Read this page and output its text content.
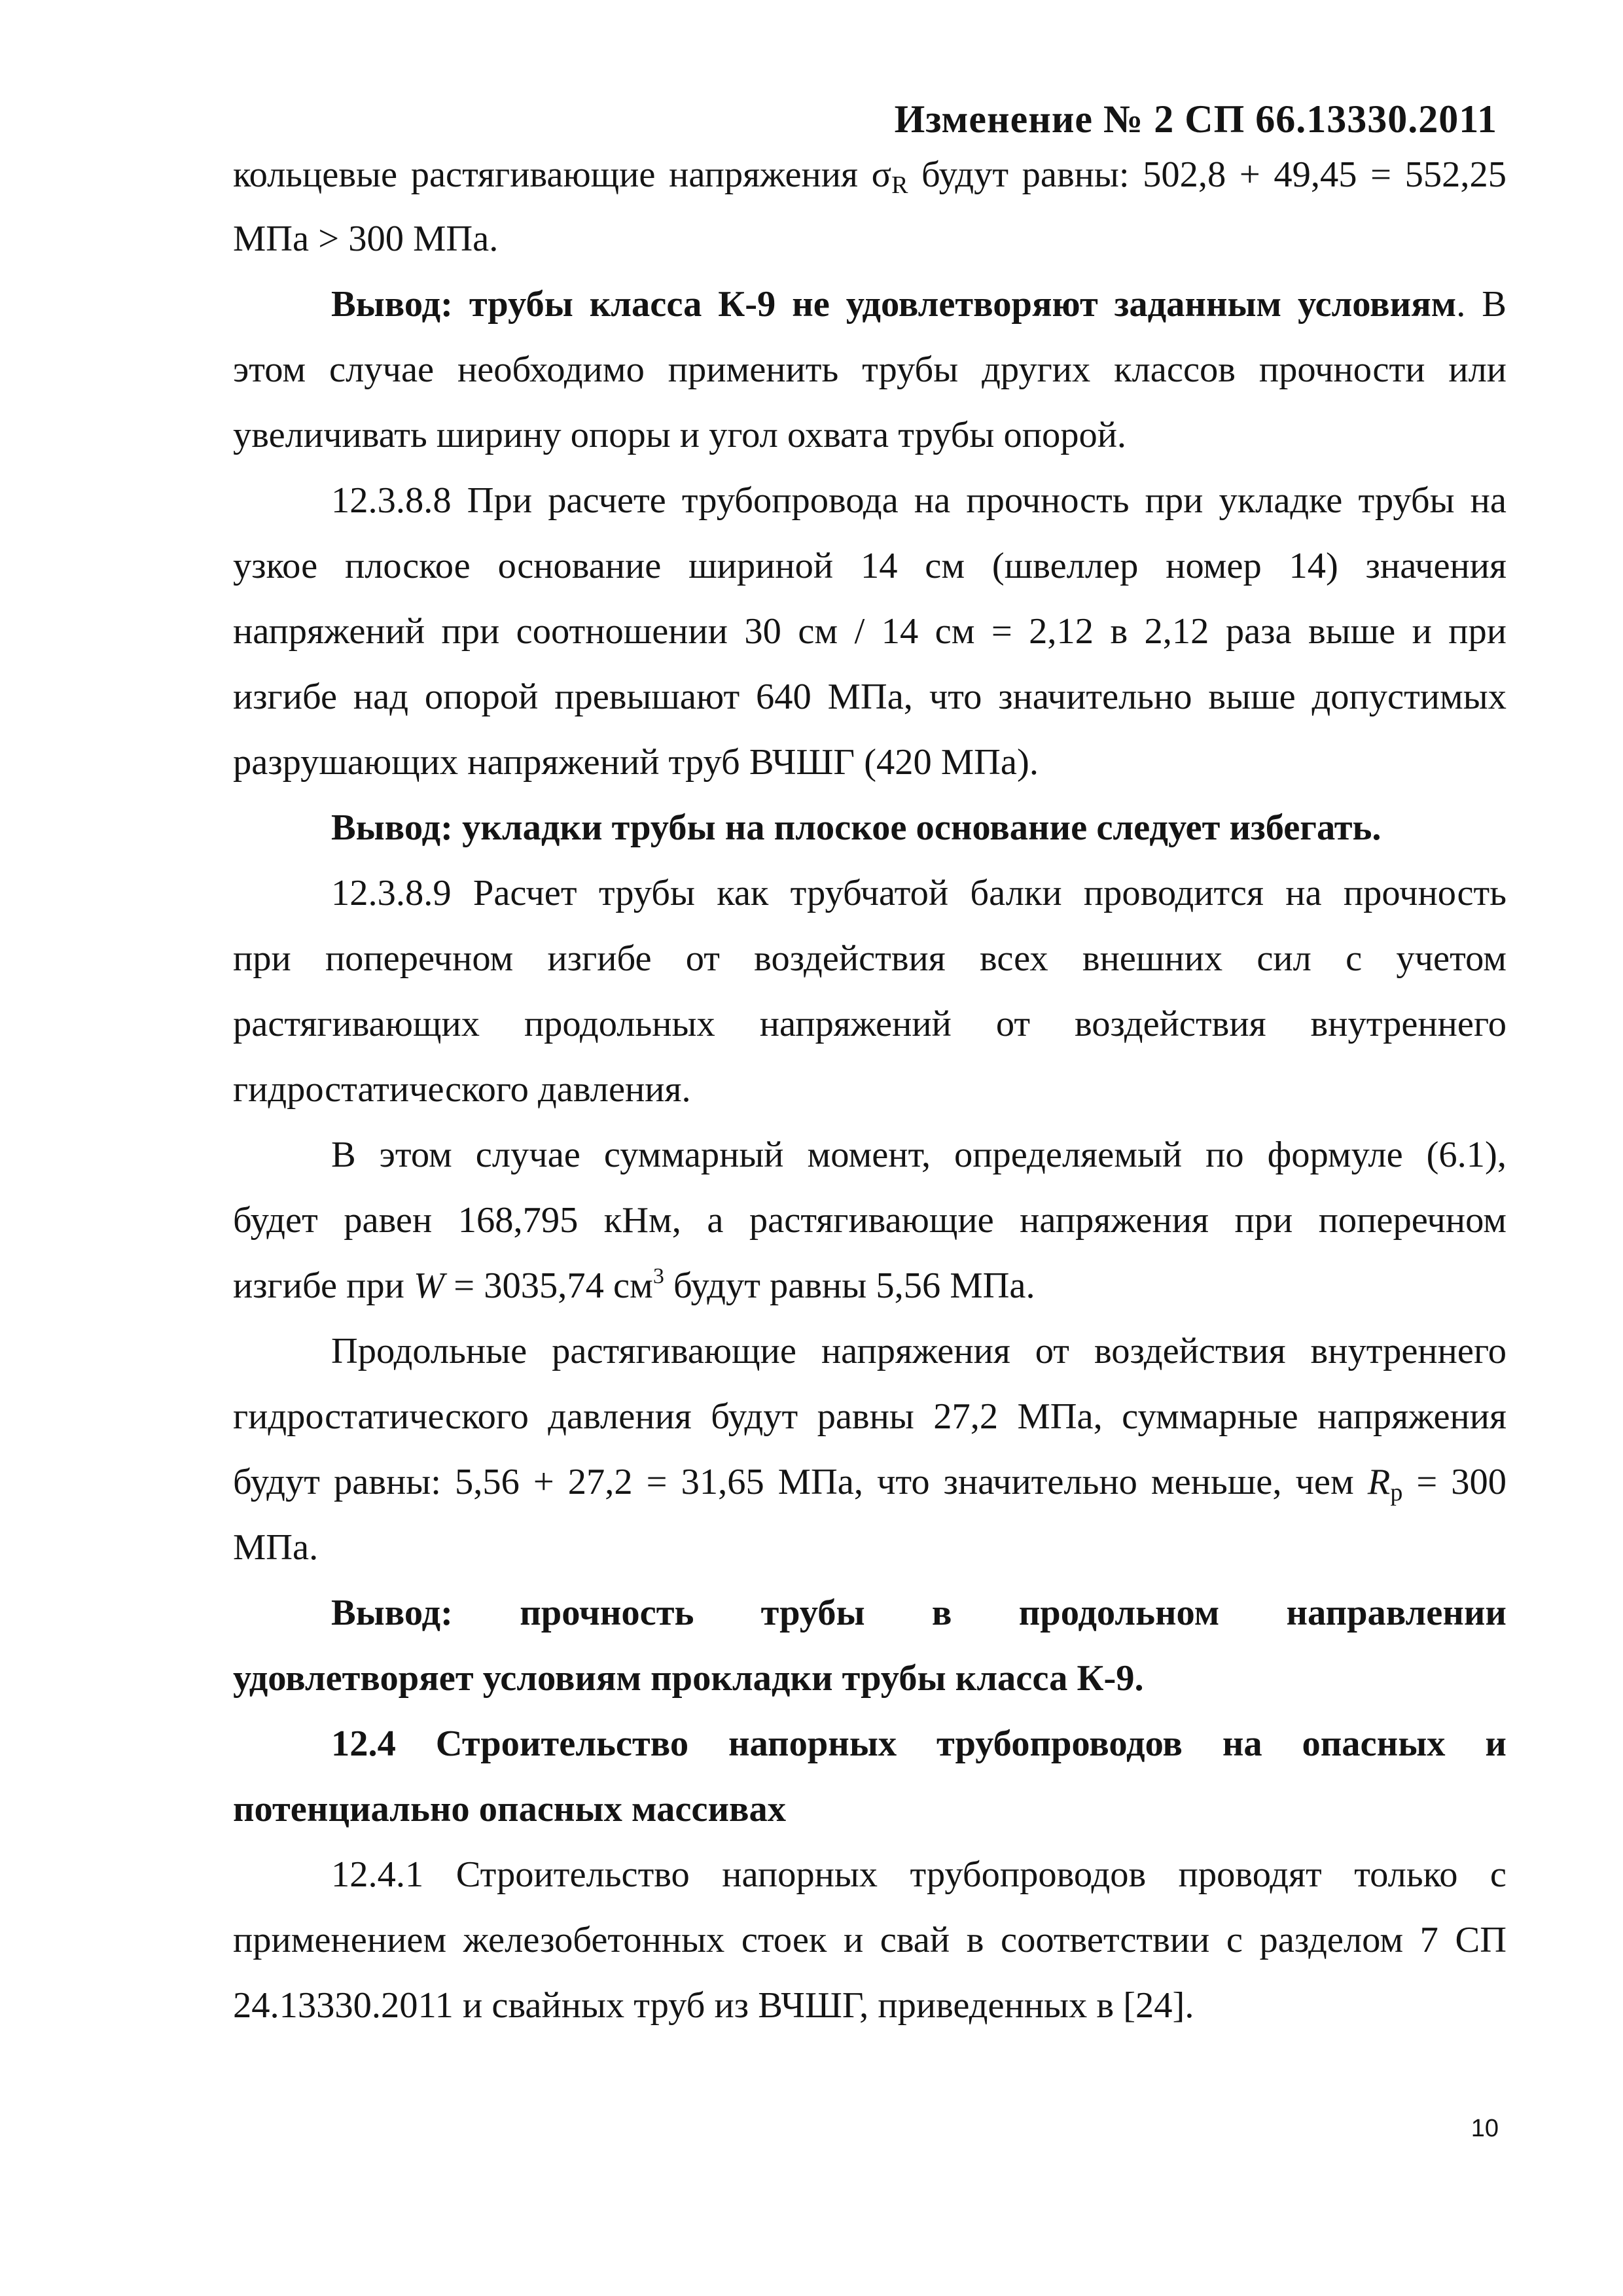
Изменение № 2 СП 66.13330.2011
кольцевые растягивающие напряжения $\sigma_R$ будут равны: 502,8 + 49,45 = 552,25
МПа > 300 МПа.
Вывод: трубы класса К-9 не удовлетворяют заданным условиям. В
этом случае необходимо применить трубы других классов прочности или
увеличивать ширину опоры и угол охвата трубы опорой.
12.3.8.8 При расчете трубопровода на прочность при укладке трубы на
узкое плоское основание шириной 14 см (швеллер номер 14) значения
напряжений при соотношении 30 см / 14 см = 2,12 в 2,12 раза выше и при
изгибе над опорой превышают 640 МПа, что значительно выше допустимых
разрушающих напряжений труб ВЧШГ (420 МПа).
Вывод: укладки трубы на плоское основание следует избегать.
12.3.8.9 Расчет трубы как трубчатой балки проводится на прочность
при поперечном изгибе от воздействия всех внешних сил с учетом
растягивающих продольных напряжений от воздействия внутреннего
гидростатического давления.
В этом случае суммарный момент, определяемый по формуле (6.1),
будет равен 168,795 кНм, а растягивающие напряжения при поперечном
изгибе при W = 3035,74 $см^3$ будут равны 5,56 МПа.
Продольные растягивающие напряжения от воздействия внутреннего
гидростатического давления будут равны 27,2 МПа, суммарные напряжения
будут равны: 5,56 + 27,2 = 31,65 МПа, что значительно меньше, чем $R_р = 300$
МПа.
Вывод: прочность трубы в продольном направлении
удовлетворяет условиям прокладки трубы класса К-9.
12.4 Строительство напорных трубопроводов на опасных и
потенциально опасных массивах
12.4.1 Строительство напорных трубопроводов проводят только с
применением железобетонных стоек и свай в соответствии с разделом 7 СП
24.13330.2011 и свайных труб из ВЧШГ, приведенных в [24].
10
